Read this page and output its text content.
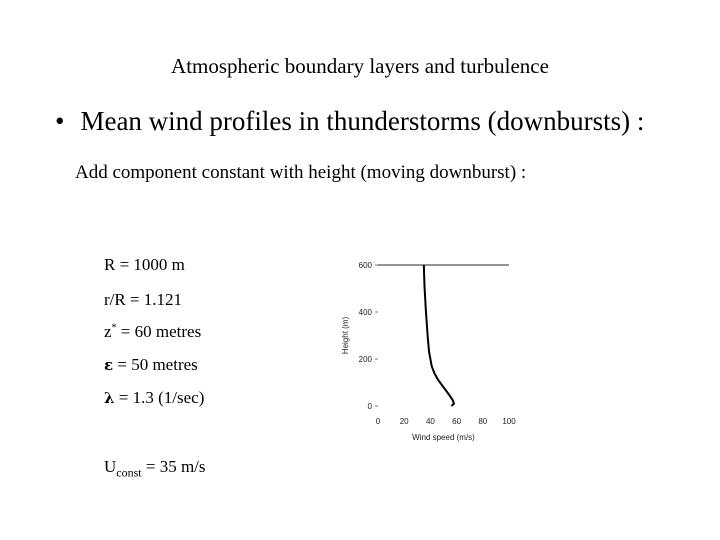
Atmospheric boundary layers and turbulence
• Mean wind profiles in thunderstorms (downbursts) :
Add component constant with height (moving downburst) :
R = 1000 m
r/R = 1.121
z* = 60 metres
ε = 50 metres
λ = 1.3 (1/sec)
$U_{const} = 35$ m/s
0
200
400
600
0 20 40 60 80 100
Wind speed (m/s)
Height (m)
